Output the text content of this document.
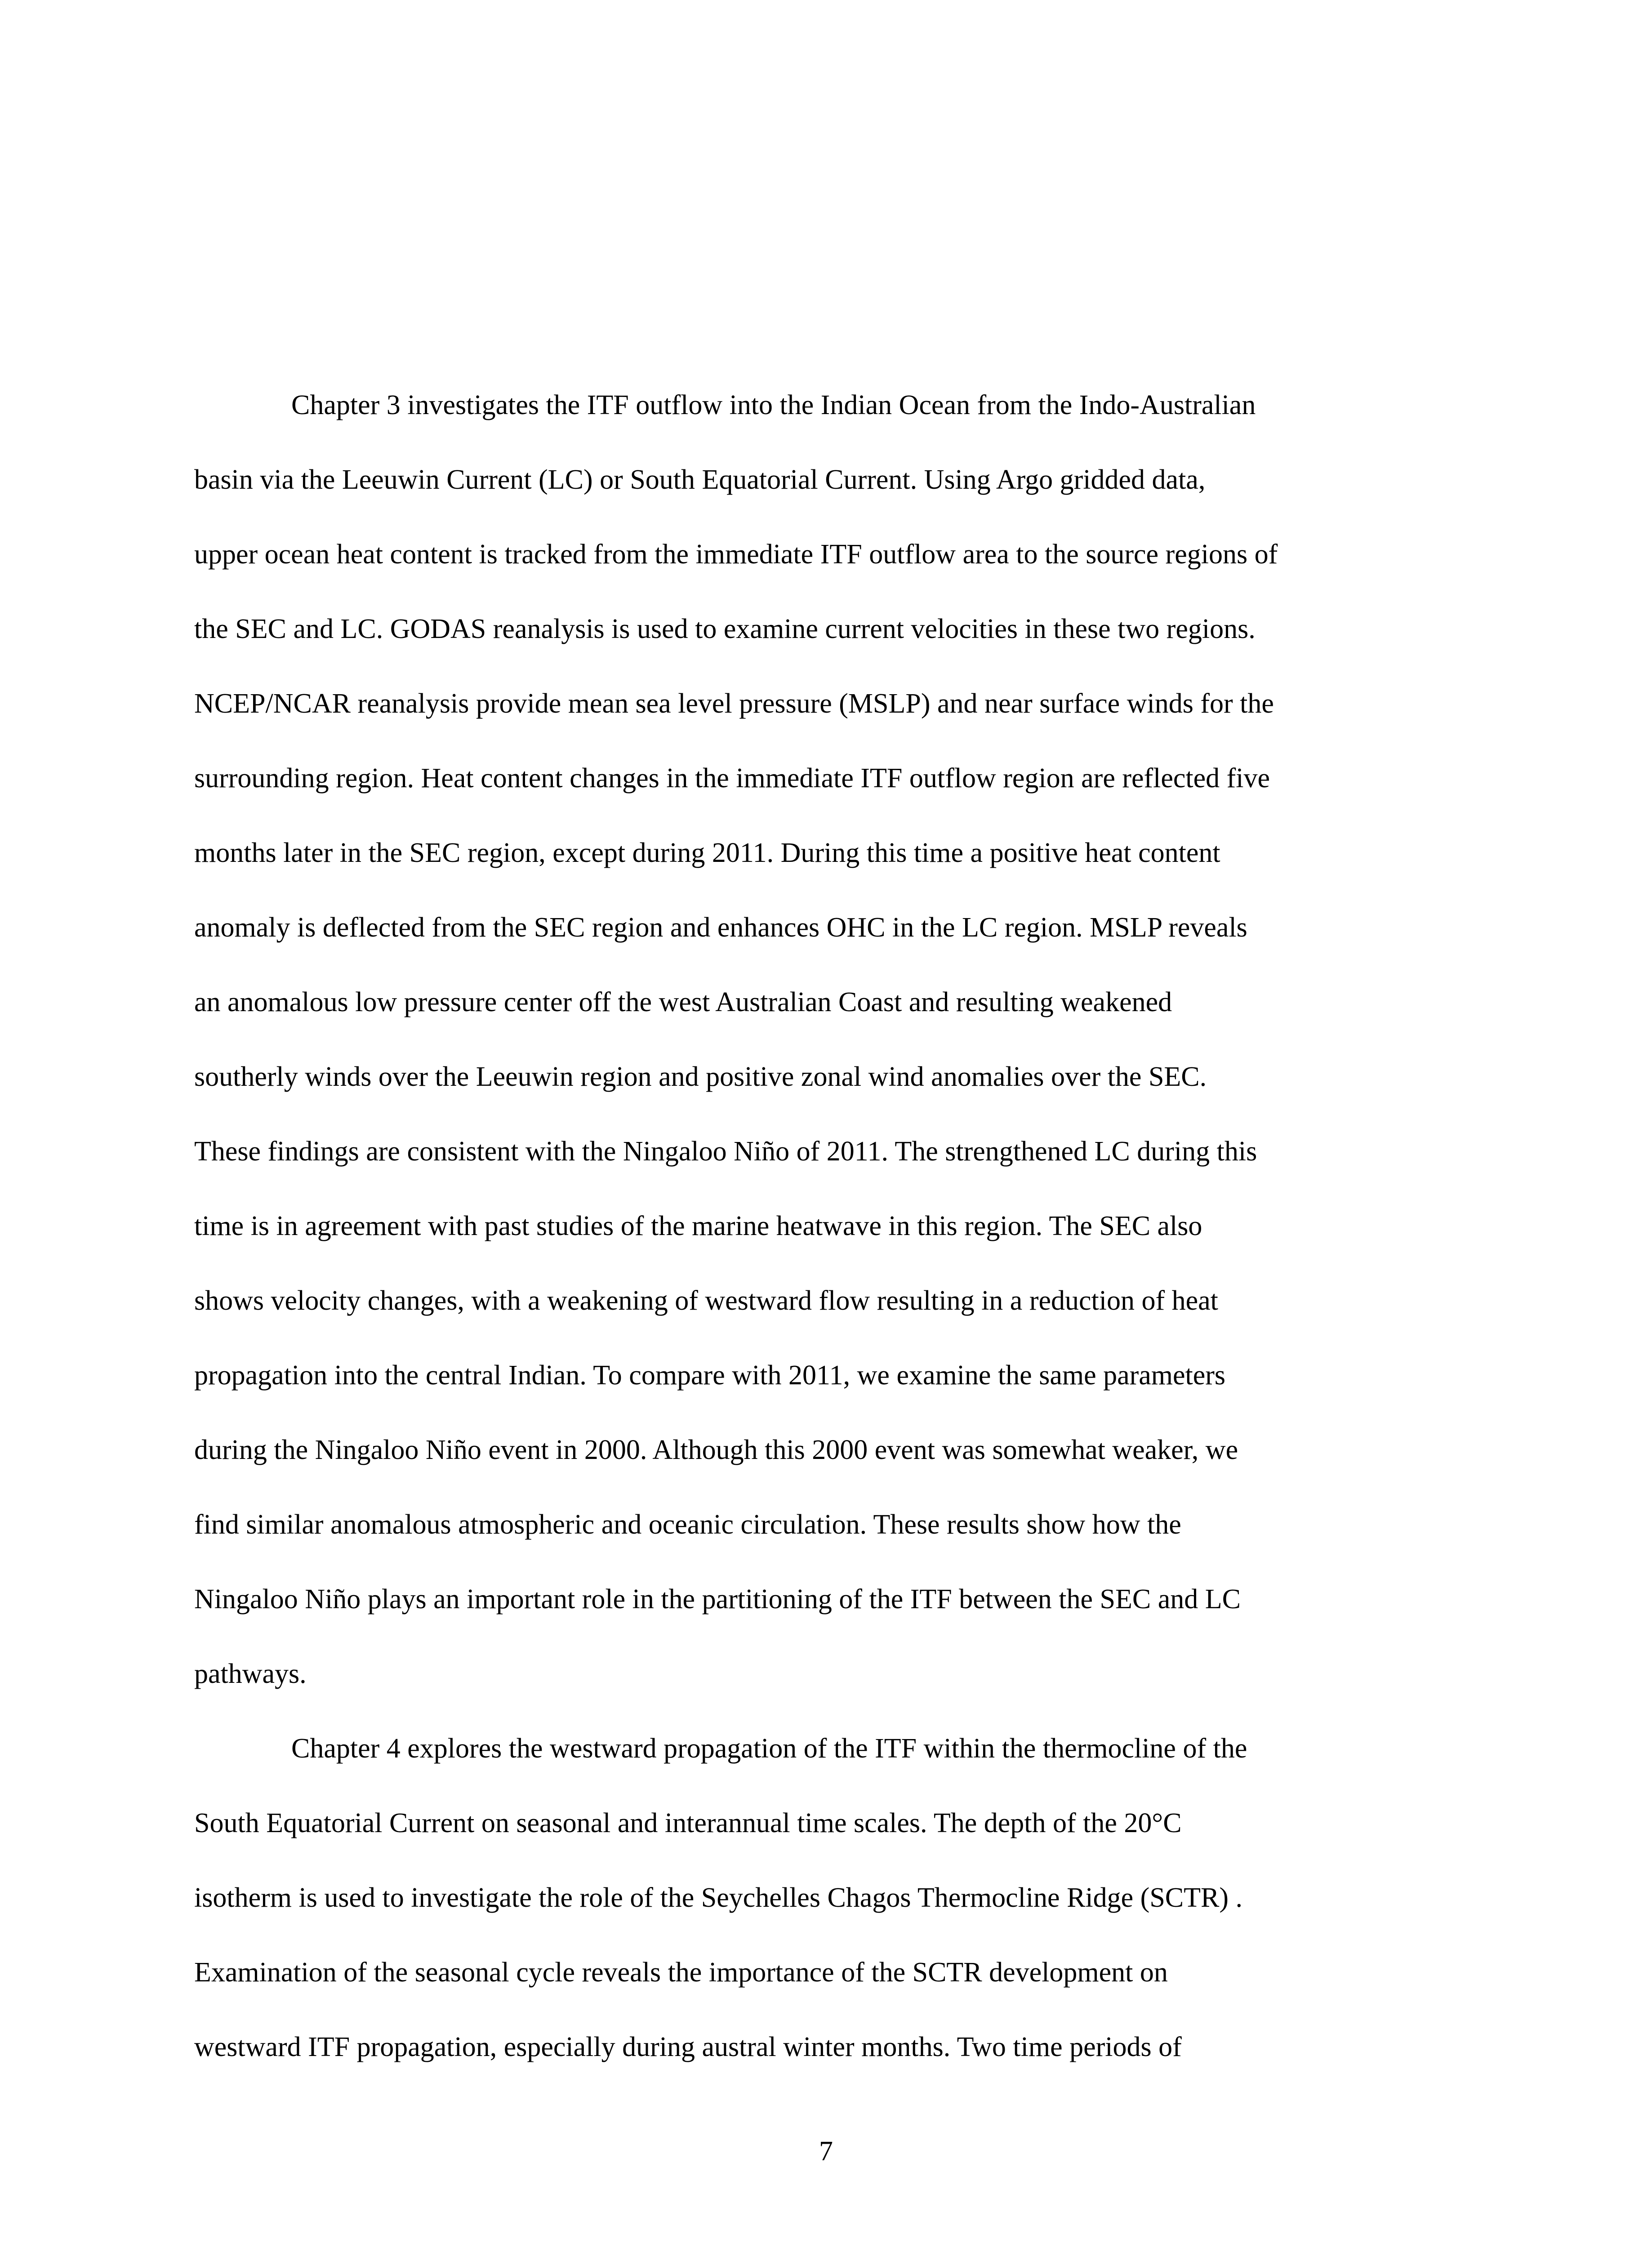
Chapter 3 investigates the ITF outflow into the Indian Ocean from the Indo-Australian
basin via the Leeuwin Current (LC) or South Equatorial Current. Using Argo gridded data,
upper ocean heat content is tracked from the immediate ITF outflow area to the source regions of
the SEC and LC. GODAS reanalysis is used to examine current velocities in these two regions.
NCEP/NCAR reanalysis provide mean sea level pressure (MSLP) and near surface winds for the
surrounding region. Heat content changes in the immediate ITF outflow region are reflected five
months later in the SEC region, except during 2011. During this time a positive heat content
anomaly is deflected from the SEC region and enhances OHC in the LC region. MSLP reveals
an anomalous low pressure center off the west Australian Coast and resulting weakened
southerly winds over the Leeuwin region and positive zonal wind anomalies over the SEC.
These findings are consistent with the Ningaloo Niño of 2011. The strengthened LC during this
time is in agreement with past studies of the marine heatwave in this region. The SEC also
shows velocity changes, with a weakening of westward flow resulting in a reduction of heat
propagation into the central Indian. To compare with 2011, we examine the same parameters
during the Ningaloo Niño event in 2000. Although this 2000 event was somewhat weaker, we
find similar anomalous atmospheric and oceanic circulation. These results show how the
Ningaloo Niño plays an important role in the partitioning of the ITF between the SEC and LC
pathways.
Chapter 4 explores the westward propagation of the ITF within the thermocline of the
South Equatorial Current on seasonal and interannual time scales. The depth of the 20°C
isotherm is used to investigate the role of the Seychelles Chagos Thermocline Ridge (SCTR) .
Examination of the seasonal cycle reveals the importance of the SCTR development on
westward ITF propagation, especially during austral winter months. Two time periods of
7
